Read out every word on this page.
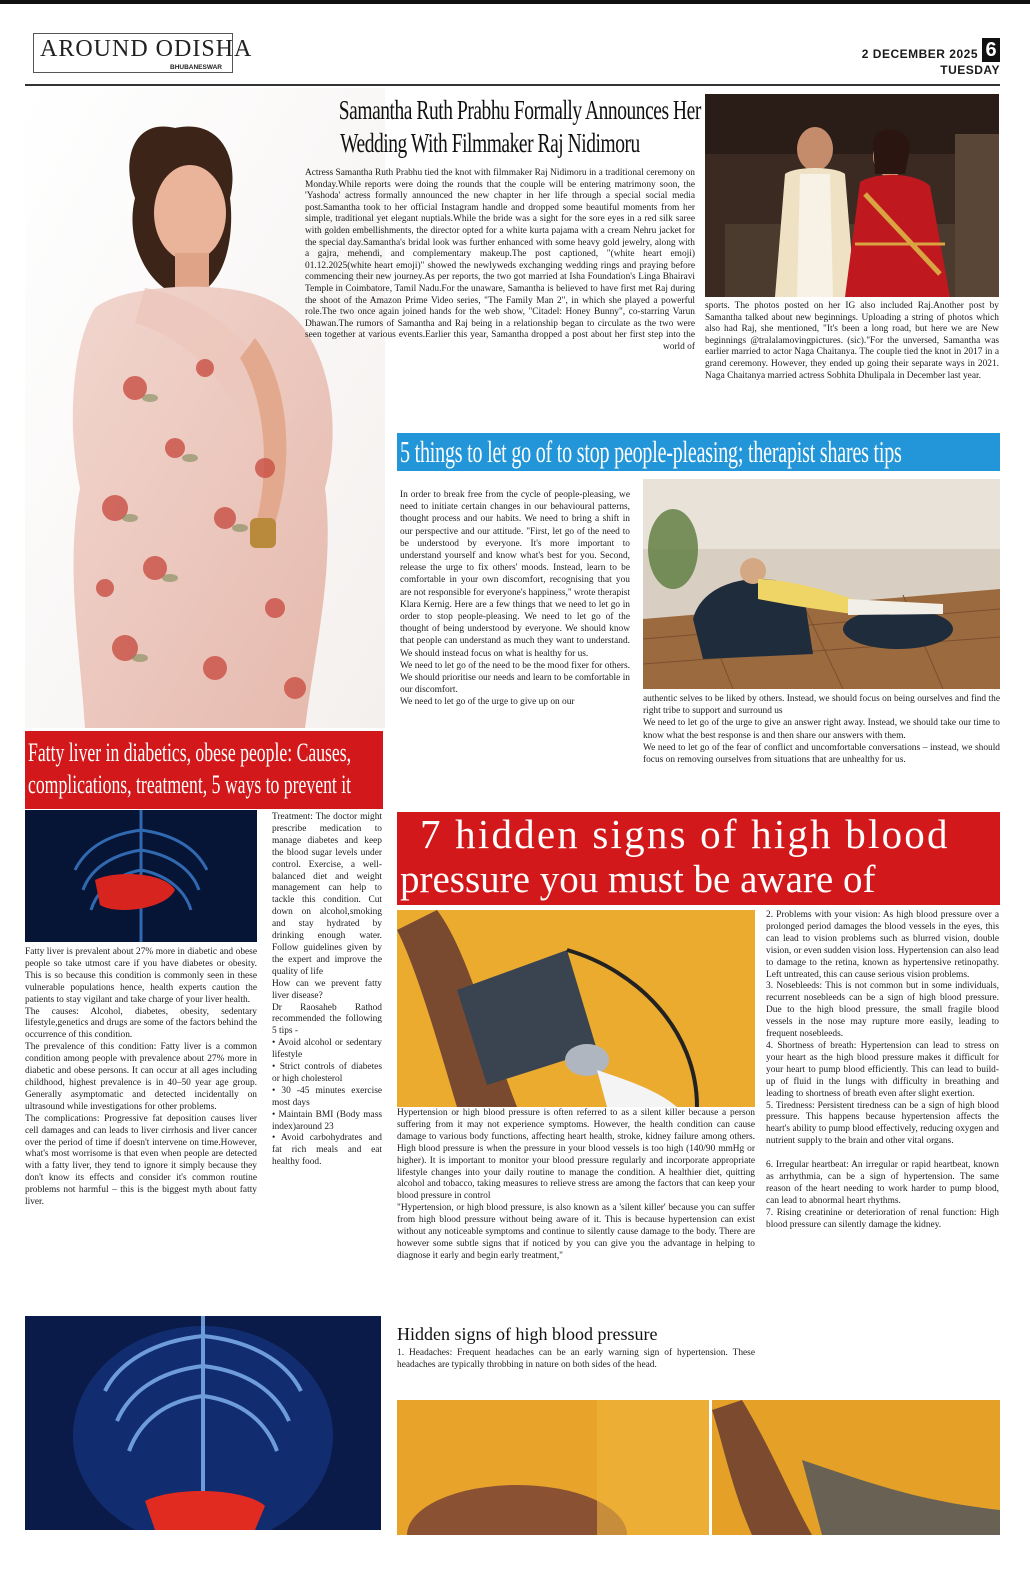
AROUND ODISHA
BHUBANESWAR
2 DECEMBER 2025
TUESDAY
6
Samantha Ruth Prabhu Formally Announces Her
Wedding With Filmmaker Raj Nidimoru
Actress Samantha Ruth Prabhu tied the knot with filmmaker Raj Nidimoru in a traditional ceremony on Monday.While reports were doing the rounds that the couple will be entering matrimony soon, the 'Yashoda' actress formally announced the new chapter in her life through a special social media post.Samantha took to her official Instagram handle and dropped some beautiful moments from her simple, traditional yet elegant nuptials.While the bride was a sight for the sore eyes in a red silk saree with golden embellishments, the director opted for a white kurta pajama with a cream Nehru jacket for the special day.Samantha's bridal look was further enhanced with some heavy gold jewelry, along with a gajra, mehendi, and complementary makeup.The post captioned, "(white heart emoji) 01.12.2025(white heart emoji)" showed the newlyweds exchanging wedding rings and praying before commencing their new journey.As per reports, the two got married at Isha Foundation's Linga Bhairavi Temple in Coimbatore, Tamil Nadu.For the unaware, Samantha is believed to have first met Raj during the shoot of the Amazon Prime Video series, "The Family Man 2", in which she played a powerful role.The two once again joined hands for the web show, "Citadel: Honey Bunny", co-starring Varun Dhawan.The rumors of Samantha and Raj being in a relationship began to circulate as the two were seen together at various events.Earlier this year, Samantha dropped a post about her first step into the world of
sports. The photos posted on her IG also included Raj.Another post by Samantha talked about new beginnings. Uploading a string of photos which also had Raj, she mentioned, "It's been a long road, but here we are New beginnings @tralalamovingpictures. (sic)."For the unversed, Samantha was earlier married to actor Naga Chaitanya. The couple tied the knot in 2017 in a grand ceremony. However, they ended up going their separate ways in 2021. Naga Chaitanya married actress Sobhita Dhulipala in December last year.
5 things to let go of to stop people-pleasing; therapist shares tips
In order to break free from the cycle of people-pleasing, we need to initiate certain changes in our behavioural patterns, thought process and our habits. We need to bring a shift in our perspective and our attitude. "First, let go of the need to be understood by everyone. It's more important to understand yourself and know what's best for you. Second, release the urge to fix others' moods. Instead, learn to be comfortable in your own discomfort, recognising that you are not responsible for everyone's happiness," wrote therapist Klara Kernig. Here are a few things that we need to let go in order to stop people-pleasing. We need to let go of the thought of being understood by everyone. We should know that people can understand as much they want to understand. We should instead focus on what is healthy for us.
We need to let go of the need to be the mood fixer for others. We should prioritise our needs and learn to be comfortable in our discomfort.
We need to let go of the urge to give up on our	authentic selves to be liked by others. Instead, we should focus on being ourselves and find the right tribe to support and surround us
We need to let go of the urge to give an answer right away. Instead, we should take our time to know what the best response is and then share our answers with them.
We need to let go of the fear of conflict and uncomfortable conversations – instead, we should focus on removing ourselves from situations that are unhealthy for us.
Fatty liver in diabetics, obese people: Causes,
complications, treatment, 5 ways to prevent it
Fatty liver is prevalent about 27% more in diabetic and obese people so take utmost care if you have diabetes or obesity. This is so because this condition is commonly seen in these vulnerable populations hence, health experts caution the patients to stay vigilant and take charge of your liver health.
The causes: Alcohol, diabetes, obesity, sedentary lifestyle,genetics and drugs are some of the factors behind the occurrence of this condition.
The prevalence of this condition: Fatty liver is a common condition among people with prevalence about 27% more in diabetic and obese persons. It can occur at all ages including childhood, highest prevalence is in 40–50 year age group. Generally asymptomatic and detected incidentally on ultrasound while investigations for other problems.
The complications: Progressive fat deposition causes liver cell damages and can leads to liver cirrhosis and liver cancer over the period of time if doesn't intervene on time.However, what's most worrisome is that even when people are detected with a fatty liver, they tend to ignore it simply because they don't know its effects and consider it's common routine problems not harmful – this is the biggest myth about fatty liver.
Treatment: The doctor might prescribe medication to manage diabetes and keep the blood sugar levels under control. Exercise, a well-balanced diet and weight management can help to tackle this condition. Cut down on alcohol,smoking and stay hydrated by drinking enough water. Follow guidelines given by the expert and improve the quality of life
How can we prevent fatty liver disease?
Dr Raosaheb Rathod recommended the following 5 tips -
• Avoid alcohol or sedentary lifestyle
• Strict controls of diabetes or high cholesterol
• 30 -45 minutes exercise most days
• Maintain BMI (Body mass index)around 23
• Avoid carbohydrates and fat rich meals and eat healthy food.
7 hidden signs of high blood
pressure you must be aware of
Hypertension or high blood pressure is often referred to as a silent killer because a person suffering from it may not experience symptoms. However, the health condition can cause damage to various body functions, affecting heart health, stroke, kidney failure among others. High blood pressure is when the pressure in your blood vessels is too high (140/90 mmHg or higher). It is important to monitor your blood pressure regularly and incorporate appropriate lifestyle changes into your daily routine to manage the condition. A healthier diet, quitting alcohol and tobacco, taking measures to relieve stress are among the factors that can keep your blood pressure in control
"Hypertension, or high blood pressure, is also known as a 'silent killer' because you can suffer from high blood pressure without being aware of it. This is because hypertension can exist without any noticeable symptoms and continue to silently cause damage to the body. There are however some subtle signs that if noticed by you can give you the advantage in helping to diagnose it early and begin early treatment,"
Hidden signs of high blood pressure
1. Headaches: Frequent headaches can be an early warning sign of hypertension. These headaches are typically throbbing in nature on both sides of the head.
2. Problems with your vision: As high blood pressure over a prolonged period damages the blood vessels in the eyes, this can lead to vision problems such as blurred vision, double vision, or even sudden vision loss. Hypertension can also lead to damage to the retina, known as hypertensive retinopathy. Left untreated, this can cause serious vision problems.
3. Nosebleeds: This is not common but in some individuals, recurrent nosebleeds can be a sign of high blood pressure. Due to the high blood pressure, the small fragile blood vessels in the nose may rupture more easily, leading to frequent nosebleeds.
4. Shortness of breath: Hypertension can lead to stress on your heart as the high blood pressure makes it difficult for your heart to pump blood efficiently. This can lead to build-up of fluid in the lungs with difficulty in breathing and leading to shortness of breath even after slight exertion.
5. Tiredness: Persistent tiredness can be a sign of high blood pressure. This happens because hypertension affects the heart's ability to pump blood effectively, reducing oxygen and nutrient supply to the brain and other vital organs.

6. Irregular heartbeat: An irregular or rapid heartbeat, known as arrhythmia, can be a sign of hypertension. The same reason of the heart needing to work harder to pump blood, can lead to abnormal heart rhythms.
7. Rising creatinine or deterioration of renal function: High blood pressure can silently damage the kidney.
